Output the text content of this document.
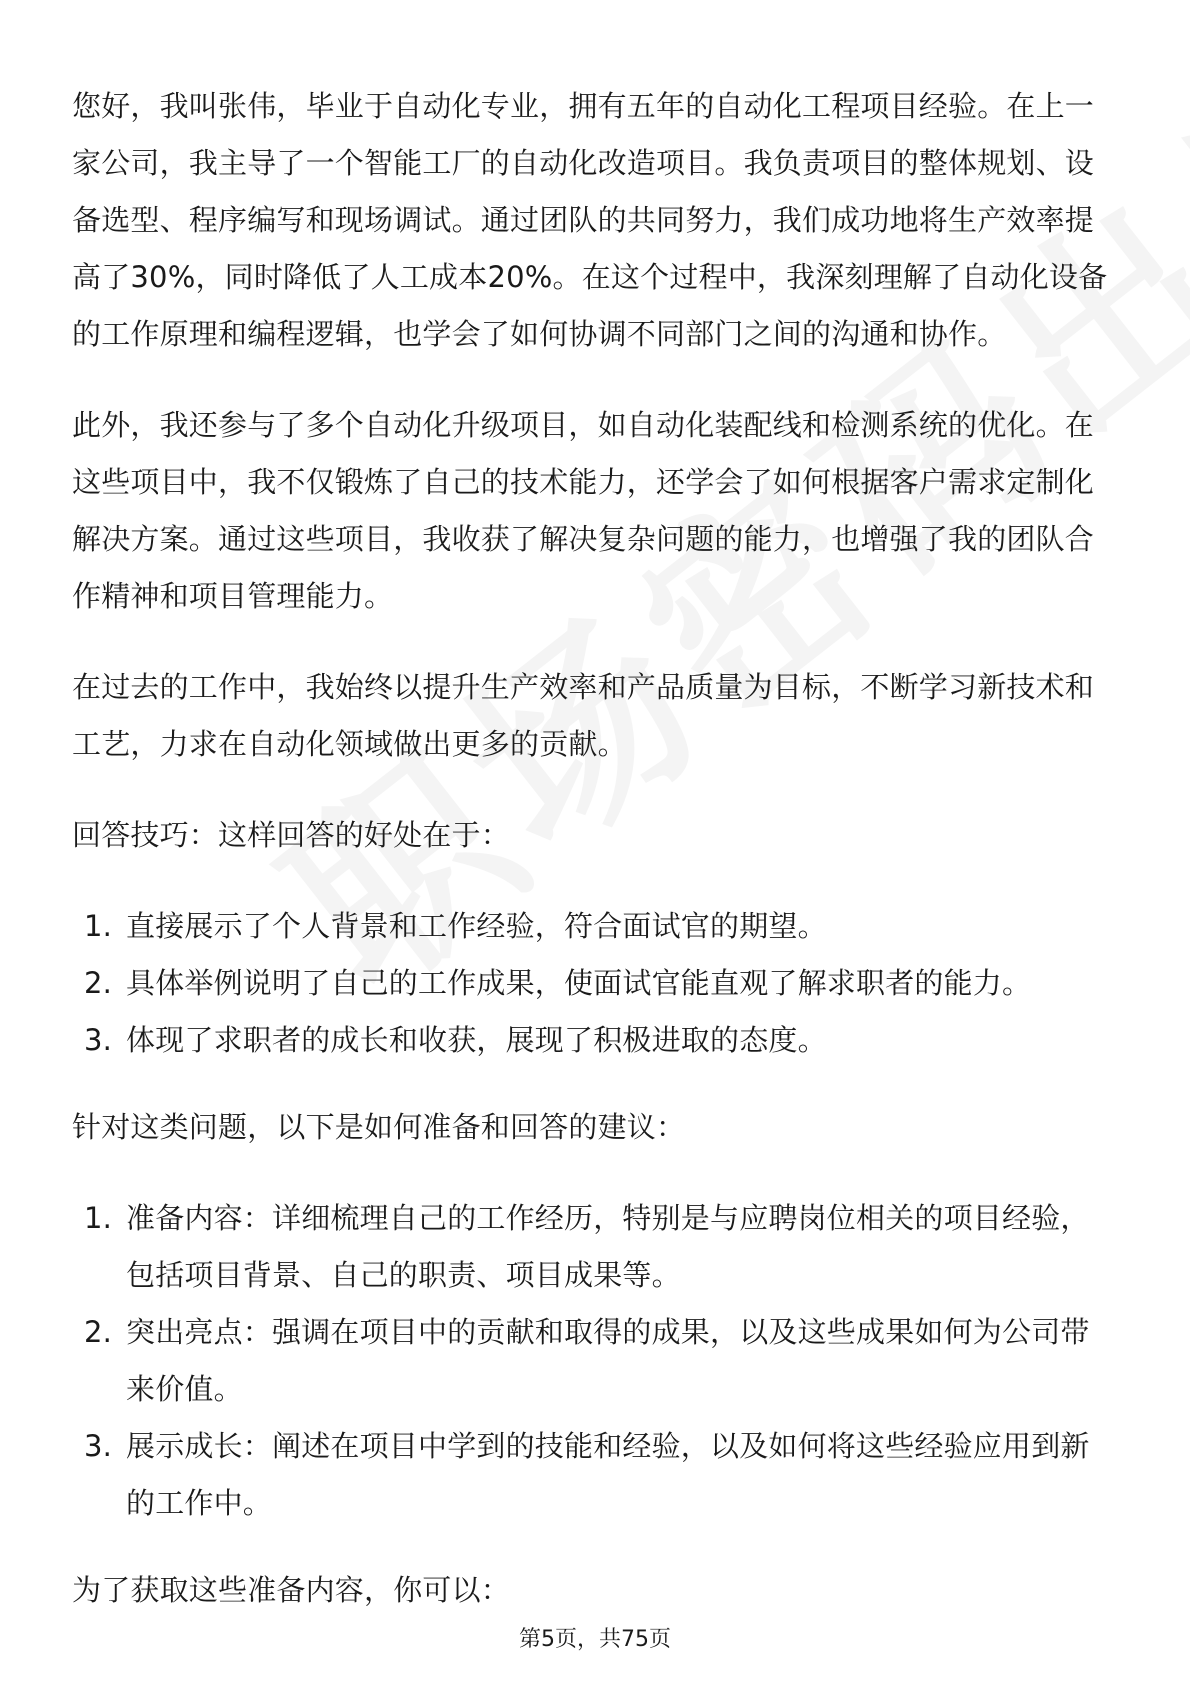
您好，我叫张伟，毕业于自动化专业，拥有五年的自动化工程项目经验。在上一家公司，我主导了一个智能工厂的自动化改造项目。我负责项目的整体规划、设备选型、程序编写和现场调试。通过团队的共同努力，我们成功地将生产效率提高了30%，同时降低了人工成本20%。在这个过程中，我深刻理解了自动化设备的工作原理和编程逻辑，也学会了如何协调不同部门之间的沟通和协作。

此外，我还参与了多个自动化升级项目，如自动化装配线和检测系统的优化。在这些项目中，我不仅锻炼了自己的技术能力，还学会了如何根据客户需求定制化解决方案。通过这些项目，我收获了解决复杂问题的能力，也增强了我的团队合作精神和项目管理能力。

在过去的工作中，我始终以提升生产效率和产品质量为目标，不断学习新技术和工艺，力求在自动化领域做出更多的贡献。

回答技巧：这样回答的好处在于：

1. 直接展示了个人背景和工作经验，符合面试官的期望。
2. 具体举例说明了自己的工作成果，使面试官能直观了解求职者的能力。
3. 体现了求职者的成长和收获，展现了积极进取的态度。

针对这类问题，以下是如何准备和回答的建议：

1. 准备内容：详细梳理自己的工作经历，特别是与应聘岗位相关的项目经验，包括项目背景、自己的职责、项目成果等。
2. 突出亮点：强调在项目中的贡献和取得的成果，以及这些成果如何为公司带来价值。
3. 展示成长：阐述在项目中学到的技能和经验，以及如何将这些经验应用到新的工作中。

为了获取这些准备内容，你可以：

第5页，共75页
